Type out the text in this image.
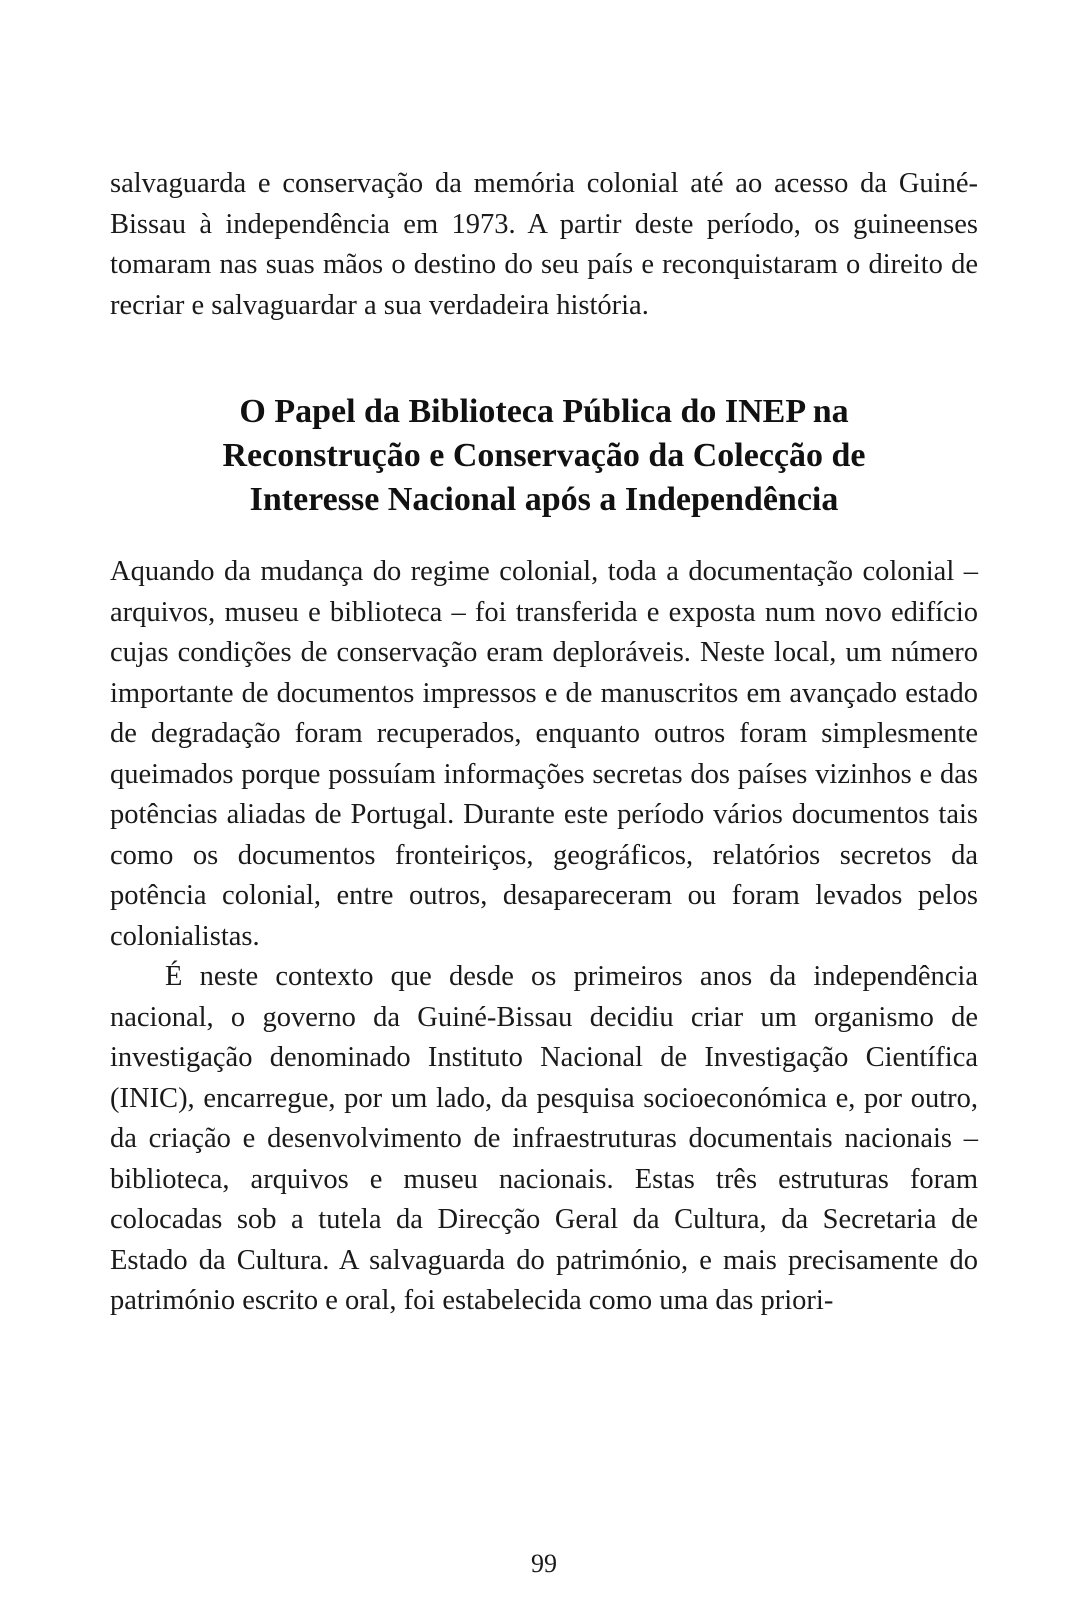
salvaguarda e conservação da memória colonial até ao acesso da Guiné-Bissau à independência em 1973. A partir deste período, os guineenses tomaram nas suas mãos o destino do seu país e reconquistaram o direito de recriar e salvaguardar a sua verdadeira história.

O Papel da Biblioteca Pública do INEP na
Reconstrução e Conservação da Colecção de
Interesse Nacional após a Independência

Aquando da mudança do regime colonial, toda a documentação colonial – arquivos, museu e biblioteca – foi transferida e exposta num novo edifício cujas condições de conservação eram deploráveis. Neste local, um número importante de documentos impressos e de manuscritos em avançado estado de degradação foram recuperados, enquanto outros foram simplesmente queimados porque possuíam informações secretas dos países vizinhos e das potências aliadas de Portugal. Durante este período vários documentos tais como os documentos fronteiriços, geográficos, relatórios secretos da potência colonial, entre outros, desapareceram ou foram levados pelos colonialistas.

É neste contexto que desde os primeiros anos da independência nacional, o governo da Guiné-Bissau decidiu criar um organismo de investigação denominado Instituto Nacional de Investigação Científica (INIC), encarregue, por um lado, da pesquisa socioeconómica e, por outro, da criação e desenvolvimento de infraestruturas documentais nacionais – biblioteca, arquivos e museu nacionais. Estas três estruturas foram colocadas sob a tutela da Direcção Geral da Cultura, da Secretaria de Estado da Cultura. A salvaguarda do património, e mais precisamente do património escrito e oral, foi estabelecida como uma das priori-

99
